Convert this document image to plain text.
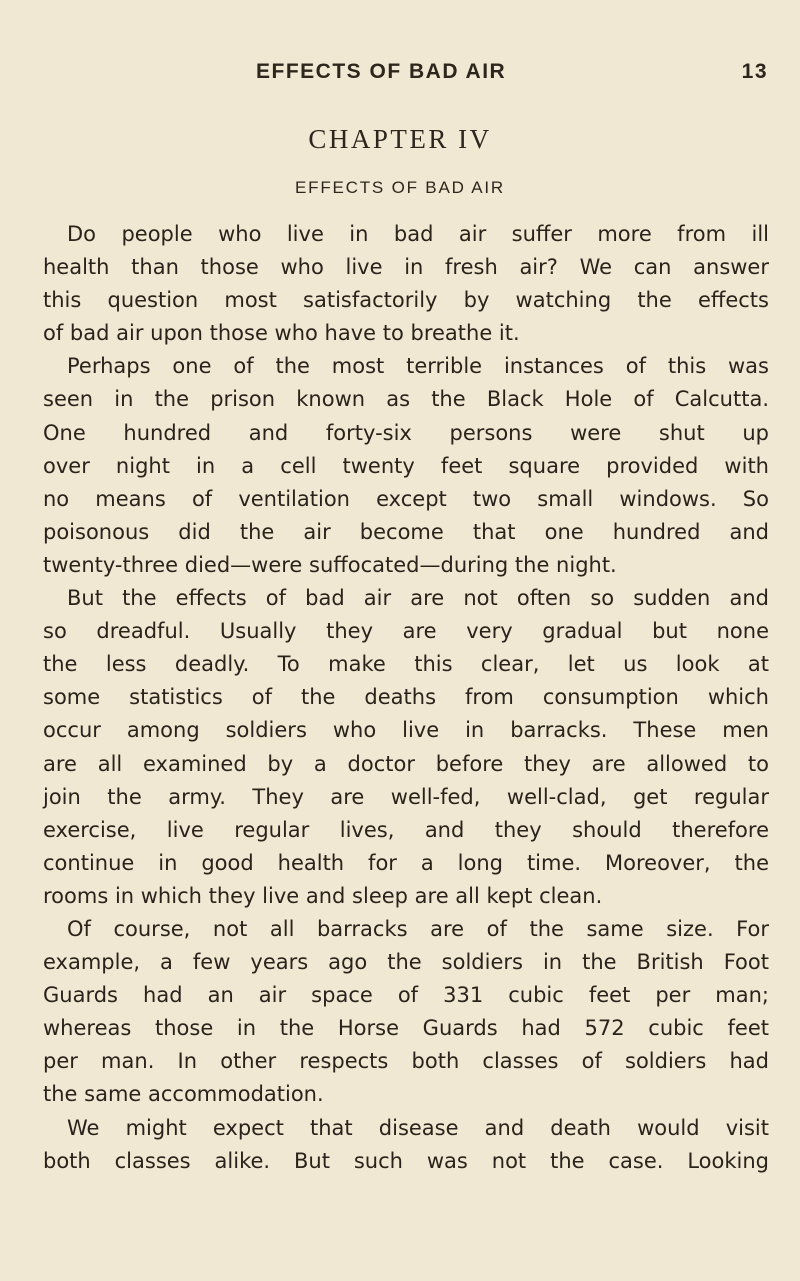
EFFECTS OF BAD AIR	13
CHAPTER IV
EFFECTS OF BAD AIR

Do people who live in bad air suffer more from ill
health than those who live in fresh air? We can answer
this question most satisfactorily by watching the effects
of bad air upon those who have to breathe it.

Perhaps one of the most terrible instances of this was
seen in the prison known as the Black Hole of Calcutta.
One hundred and forty-six persons were shut up
over night in a cell twenty feet square provided with
no means of ventilation except two small windows. So
poisonous did the air become that one hundred and
twenty-three died—were suffocated—during the night.

But the effects of bad air are not often so sudden and
so dreadful. Usually they are very gradual but none
the less deadly. To make this clear, let us look at
some statistics of the deaths from consumption which
occur among soldiers who live in barracks. These men
are all examined by a doctor before they are allowed to
join the army. They are well-fed, well-clad, get regular
exercise, live regular lives, and they should therefore
continue in good health for a long time. Moreover, the
rooms in which they live and sleep are all kept clean.

Of course, not all barracks are of the same size. For
example, a few years ago the soldiers in the British Foot
Guards had an air space of 331 cubic feet per man;
whereas those in the Horse Guards had 572 cubic feet
per man. In other respects both classes of soldiers had
the same accommodation.

We might expect that disease and death would visit
both classes alike. But such was not the case. Looking
